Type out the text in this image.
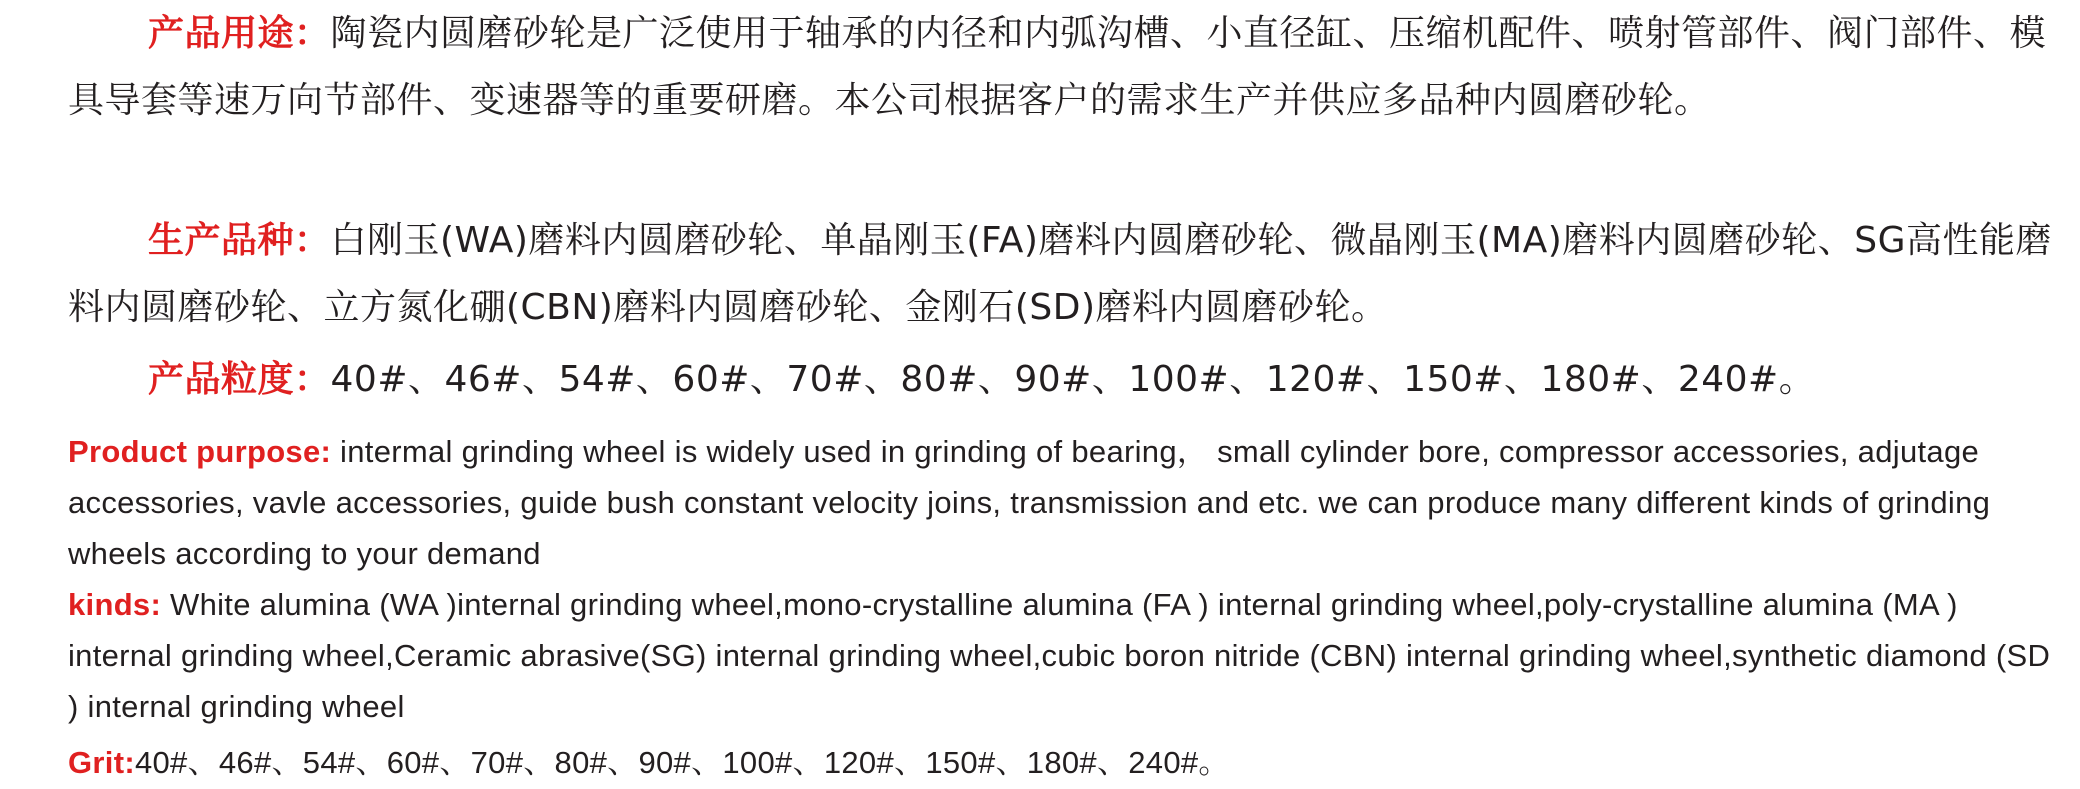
产品用途：陶瓷内圆磨砂轮是广泛使用于轴承的内径和内弧沟槽、小直径缸、压缩机配件、喷射管部件、阀门部件、模具导套等速万向节部件、变速器等的重要研磨。本公司根据客户的需求生产并供应多品种内圆磨砂轮。
生产品种：白刚玉(WA)磨料内圆磨砂轮、单晶刚玉(FA)磨料内圆磨砂轮、微晶刚玉(MA)磨料内圆磨砂轮、SG高性能磨料内圆磨砂轮、立方氮化硼(CBN)磨料内圆磨砂轮、金刚石(SD)磨料内圆磨砂轮。
产品粒度：40#、46#、54#、60#、70#、80#、90#、100#、120#、150#、180#、240#。
Product purpose: intermal grinding wheel is widely used in grinding of bearing， small cylinder bore, compressor accessories, adjutage accessories, vavle accessories, guide bush constant velocity joins, transmission and etc. we can produce many different kinds of grinding wheels according to your demand
kinds: White alumina (WA )internal grinding wheel,mono-crystalline alumina (FA ) internal grinding wheel,poly-crystalline alumina (MA ) internal grinding wheel,Ceramic abrasive(SG) internal grinding wheel,cubic boron nitride (CBN) internal grinding wheel,synthetic diamond (SD ) internal grinding wheel
Grit:40#、46#、54#、60#、70#、80#、90#、100#、120#、150#、180#、240#。
